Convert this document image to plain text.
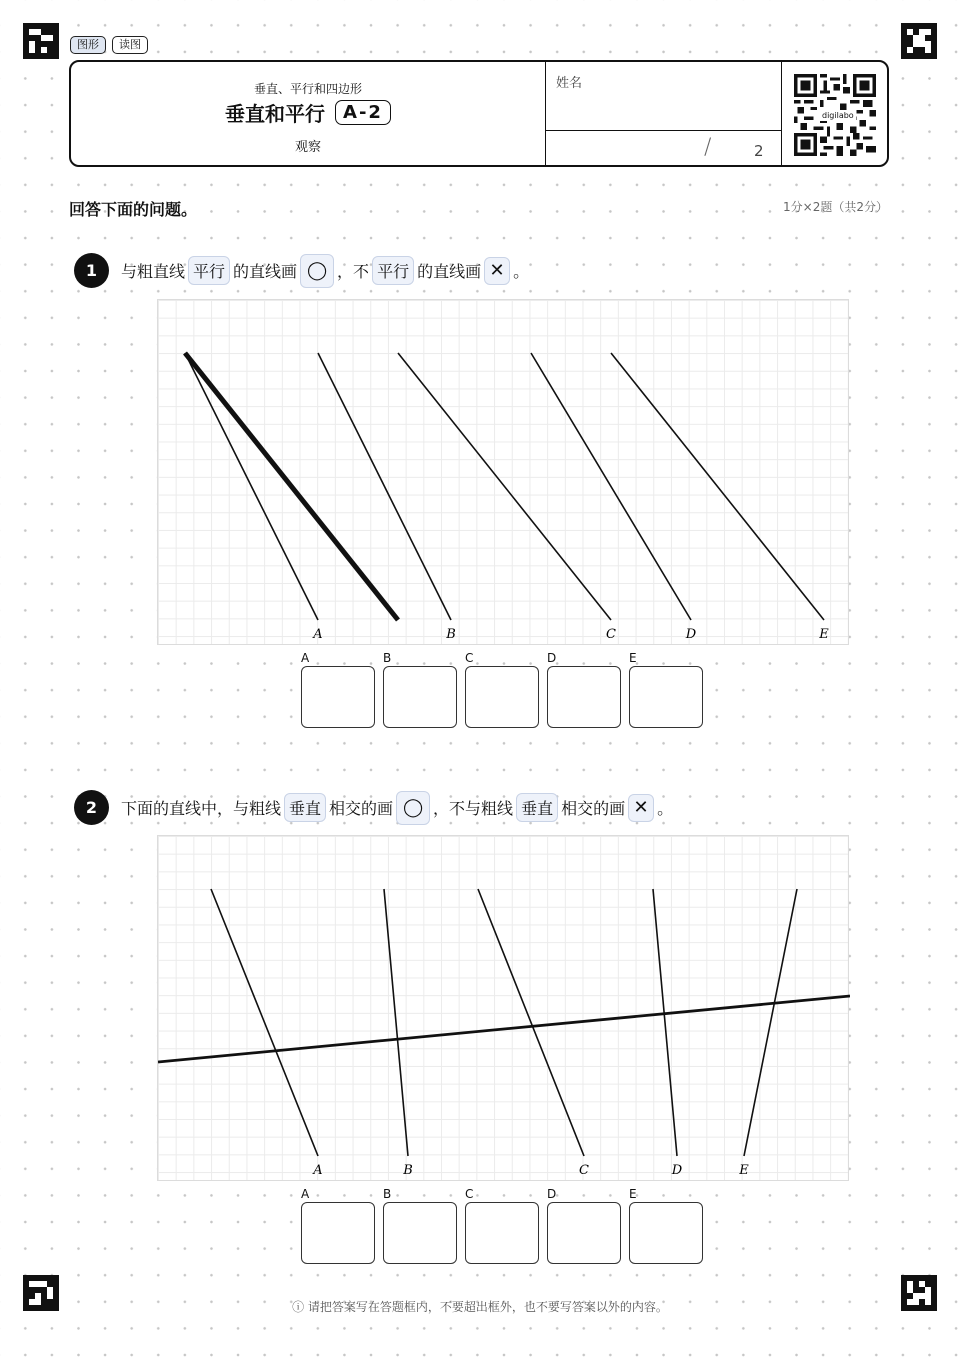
图形	读图
垂直、平行和四边形
垂直和平行	A-2
观察
姓名
/	2
digilabo
回答下面的问题。	1分×2题（共2分）
1	与粗直线 平行 的直线画 ◯ ，不 平行 的直线画 ✕ 。
A	B	C	D	E
A	B	C	D	E
2	下面的直线中，与粗线 垂直 相交的画 ◯ ，不与粗线 垂直 相交的画 ✕ 。
A	B	C	D	E
A	B	C	D	E
ⓘ 请把答案写在答题框内，不要超出框外，也不要写答案以外的内容。
